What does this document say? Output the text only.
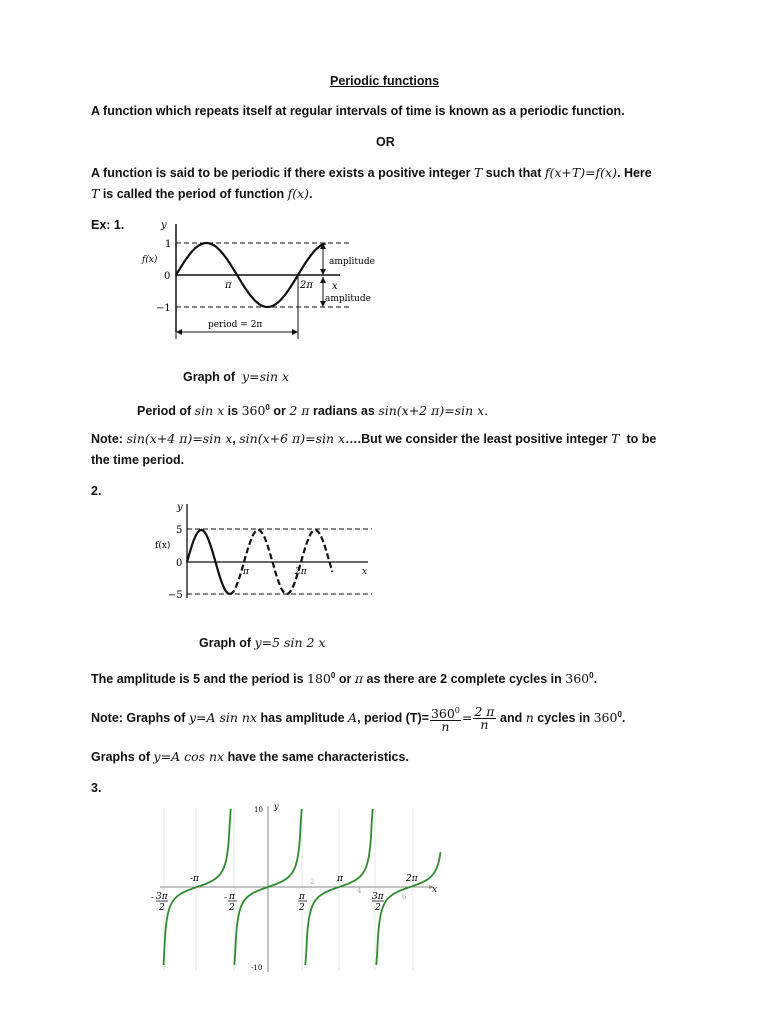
Periodic functions
A function which repeats itself at regular intervals of time is known as a periodic function.
OR
A function is said to be periodic if there exists a positive integer T such that f(x+T)=f(x). Here
T is called the period of function f(x).
Ex: 1.	y
f(x)
1
0
−1
π	2π x
amplitude
amplitude
period = 2π
Graph of y=sin x
Period of sin x is $360^0$ or 2 π radians as sin(x+2 π)=sin x.
Note: sin(x+4 π)=sin x, sin(x+6 π)=sin x….But we consider the least positive integer T to be
the time period.
2.
y
f(x)
5
0
−5
π	2π	x
Graph of y=5 sin 2 x
The amplitude is 5 and the period is $180^0$ or π as there are 2 complete cycles in $360^0$.
Note: Graphs of y=A sin nx has amplitude A, period $(T)= \frac{360^0}{n} = \frac{2 \pi}{n}$ and n cycles in $360^0$.
Graphs of y=A cos nx have the same characteristics.
3.
10 y
-10
x
-π	π	2π
2
4
6
- 3π
2
- π
2
π
2
3π
2
